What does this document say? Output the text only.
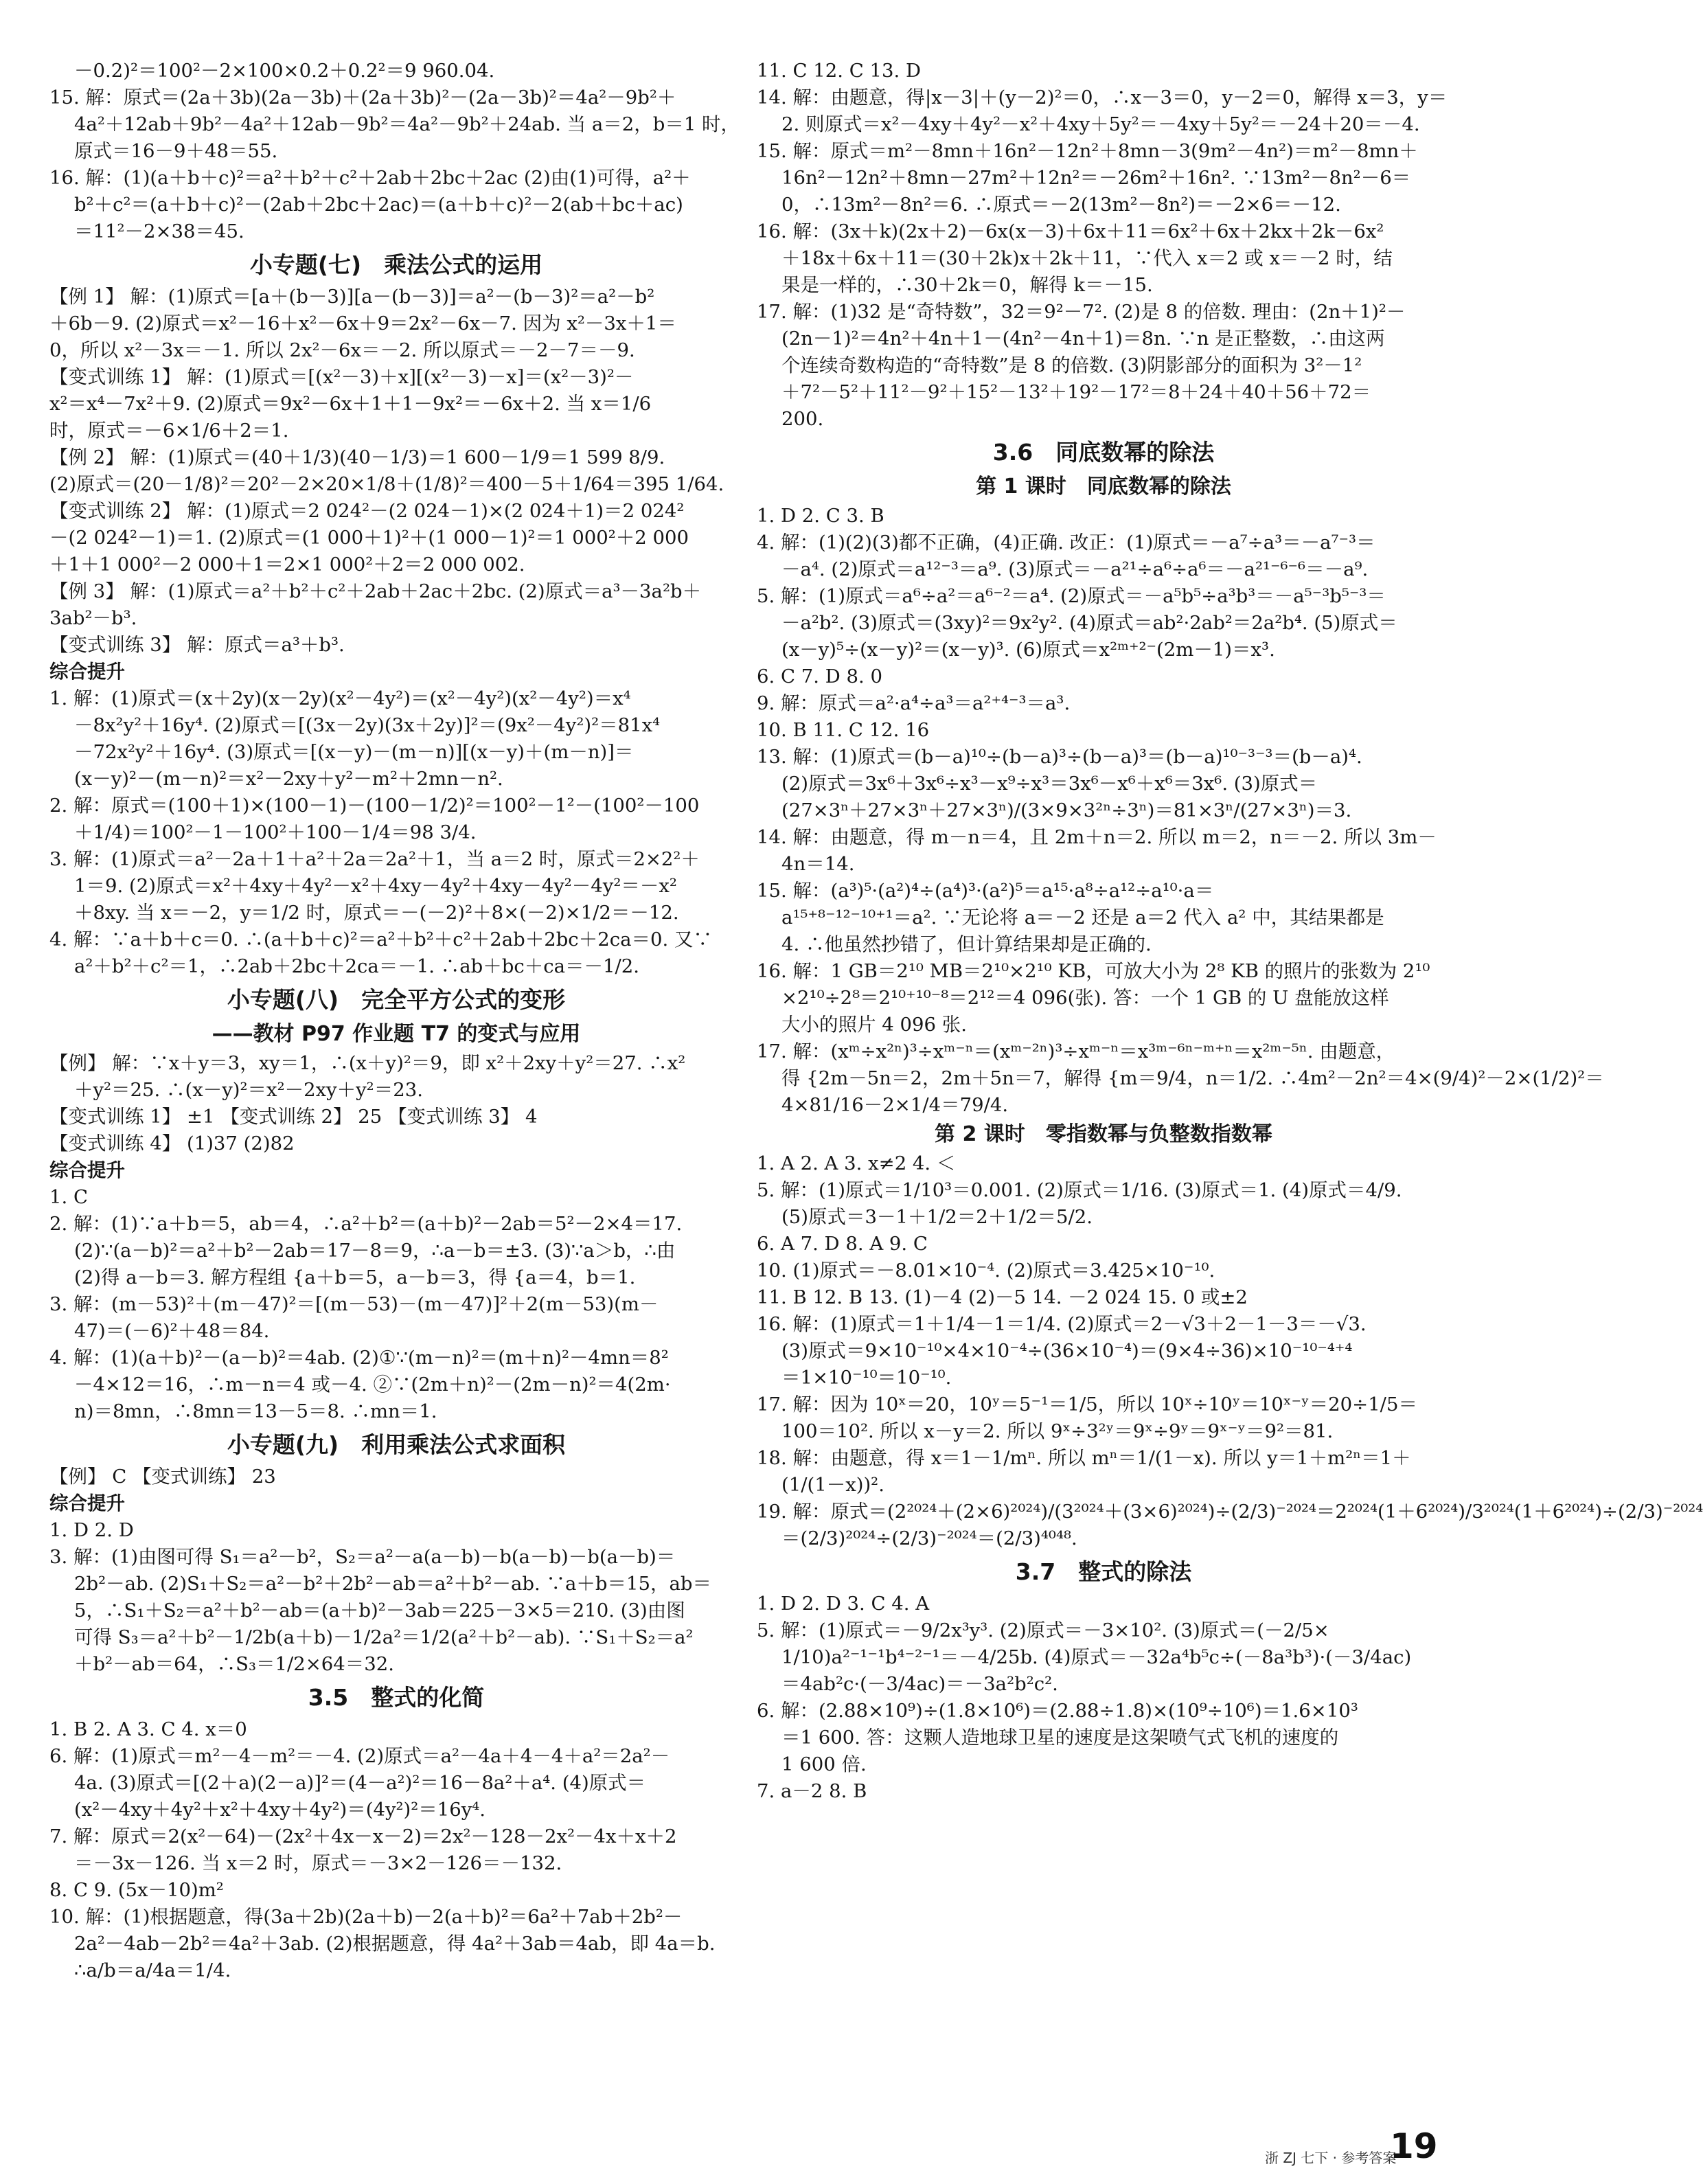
－0.2)²＝100²－2×100×0.2＋0.2²＝9 960.04.
15. 解：原式＝(2a＋3b)(2a－3b)＋(2a＋3b)²－(2a－3b)²＝4a²－9b²＋
4a²＋12ab＋9b²－4a²＋12ab－9b²＝4a²－9b²＋24ab. 当 a＝2，b＝1 时，
原式＝16－9＋48＝55.
16. 解：(1)(a＋b＋c)²＝a²＋b²＋c²＋2ab＋2bc＋2ac (2)由(1)可得，a²＋
b²＋c²＝(a＋b＋c)²－(2ab＋2bc＋2ac)＝(a＋b＋c)²－2(ab＋bc＋ac)
＝11²－2×38＝45.
小专题(七)　乘法公式的运用
【例 1】 解：(1)原式＝[a＋(b－3)][a－(b－3)]＝a²－(b－3)²＝a²－b²
＋6b－9. (2)原式＝x²－16＋x²－6x＋9＝2x²－6x－7. 因为 x²－3x＋1＝
0，所以 x²－3x＝－1. 所以 2x²－6x＝－2. 所以原式＝－2－7＝－9.
【变式训练 1】 解：(1)原式＝[(x²－3)＋x][(x²－3)－x]＝(x²－3)²－
x²＝x⁴－7x²＋9. (2)原式＝9x²－6x＋1＋1－9x²＝－6x＋2. 当 x＝1/6
时，原式＝－6×1/6＋2＝1.
【例 2】 解：(1)原式＝(40＋1/3)(40－1/3)＝1 600－1/9＝1 599 8/9.
(2)原式＝(20－1/8)²＝20²－2×20×1/8＋(1/8)²＝400－5＋1/64＝395 1/64.
【变式训练 2】 解：(1)原式＝2 024²－(2 024－1)×(2 024＋1)＝2 024²
－(2 024²－1)＝1. (2)原式＝(1 000＋1)²＋(1 000－1)²＝1 000²＋2 000
＋1＋1 000²－2 000＋1＝2×1 000²＋2＝2 000 002.
【例 3】 解：(1)原式＝a²＋b²＋c²＋2ab＋2ac＋2bc. (2)原式＝a³－3a²b＋
3ab²－b³.
【变式训练 3】 解：原式＝a³＋b³.
综合提升
1. 解：(1)原式＝(x＋2y)(x－2y)(x²－4y²)＝(x²－4y²)(x²－4y²)＝x⁴
－8x²y²＋16y⁴. (2)原式＝[(3x－2y)(3x＋2y)]²＝(9x²－4y²)²＝81x⁴
－72x²y²＋16y⁴. (3)原式＝[(x－y)－(m－n)][(x－y)＋(m－n)]＝
(x－y)²－(m－n)²＝x²－2xy＋y²－m²＋2mn－n².
2. 解：原式＝(100＋1)×(100－1)－(100－1/2)²＝100²－1²－(100²－100
＋1/4)＝100²－1－100²＋100－1/4＝98 3/4.
3. 解：(1)原式＝a²－2a＋1＋a²＋2a＝2a²＋1，当 a＝2 时，原式＝2×2²＋
1＝9. (2)原式＝x²＋4xy＋4y²－x²＋4xy－4y²＋4xy－4y²－4y²＝－x²
＋8xy. 当 x＝－2，y＝1/2 时，原式＝－(－2)²＋8×(－2)×1/2＝－12.
4. 解：∵a＋b＋c＝0. ∴(a＋b＋c)²＝a²＋b²＋c²＋2ab＋2bc＋2ca＝0. 又∵
a²＋b²＋c²＝1，∴2ab＋2bc＋2ca＝－1. ∴ab＋bc＋ca＝－1/2.
小专题(八)　完全平方公式的变形
——教材 P97 作业题 T7 的变式与应用
【例】 解：∵x＋y＝3，xy＝1，∴(x＋y)²＝9，即 x²＋2xy＋y²＝27. ∴x²
＋y²＝25. ∴(x－y)²＝x²－2xy＋y²＝23.
【变式训练 1】 ±1 【变式训练 2】 25 【变式训练 3】 4
【变式训练 4】 (1)37 (2)82
综合提升
1. C
2. 解：(1)∵a＋b＝5，ab＝4，∴a²＋b²＝(a＋b)²－2ab＝5²－2×4＝17.
(2)∵(a－b)²＝a²＋b²－2ab＝17－8＝9，∴a－b＝±3. (3)∵a＞b，∴由
(2)得 a－b＝3. 解方程组 {a＋b＝5，a－b＝3，得 {a＝4，b＝1.
3. 解：(m－53)²＋(m－47)²＝[(m－53)－(m－47)]²＋2(m－53)(m－
47)＝(－6)²＋48＝84.
4. 解：(1)(a＋b)²－(a－b)²＝4ab. (2)①∵(m－n)²＝(m＋n)²－4mn＝8²
－4×12＝16，∴m－n＝4 或－4. ②∵(2m＋n)²－(2m－n)²＝4(2m·
n)＝8mn，∴8mn＝13－5＝8. ∴mn＝1.
小专题(九)　利用乘法公式求面积
【例】 C 【变式训练】 23
综合提升
1. D 2. D
3. 解：(1)由图可得 S₁＝a²－b²，S₂＝a²－a(a－b)－b(a－b)－b(a－b)＝
2b²－ab. (2)S₁＋S₂＝a²－b²＋2b²－ab＝a²＋b²－ab. ∵a＋b＝15，ab＝
5，∴S₁＋S₂＝a²＋b²－ab＝(a＋b)²－3ab＝225－3×5＝210. (3)由图
可得 S₃＝a²＋b²－1/2b(a＋b)－1/2a²＝1/2(a²＋b²－ab). ∵S₁＋S₂＝a²
＋b²－ab＝64，∴S₃＝1/2×64＝32.
3.5　整式的化简
1. B 2. A 3. C 4. x＝0
6. 解：(1)原式＝m²－4－m²＝－4. (2)原式＝a²－4a＋4－4＋a²＝2a²－
4a. (3)原式＝[(2＋a)(2－a)]²＝(4－a²)²＝16－8a²＋a⁴. (4)原式＝
(x²－4xy＋4y²＋x²＋4xy＋4y²)＝(4y²)²＝16y⁴.
7. 解：原式＝2(x²－64)－(2x²＋4x－x－2)＝2x²－128－2x²－4x＋x＋2
＝－3x－126. 当 x＝2 时，原式＝－3×2－126＝－132.
8. C 9. (5x－10)m²
10. 解：(1)根据题意，得(3a＋2b)(2a＋b)－2(a＋b)²＝6a²＋7ab＋2b²－
2a²－4ab－2b²＝4a²＋3ab. (2)根据题意，得 4a²＋3ab＝4ab，即 4a＝b.
∴a/b＝a/4a＝1/4.
11. C 12. C 13. D
14. 解：由题意，得|x－3|＋(y－2)²＝0，∴x－3＝0，y－2＝0，解得 x＝3，y＝
2. 则原式＝x²－4xy＋4y²－x²＋4xy＋5y²＝－4xy＋5y²＝－24＋20＝－4.
15. 解：原式＝m²－8mn＋16n²－12n²＋8mn－3(9m²－4n²)＝m²－8mn＋
16n²－12n²＋8mn－27m²＋12n²＝－26m²＋16n². ∵13m²－8n²－6＝
0，∴13m²－8n²＝6. ∴原式＝－2(13m²－8n²)＝－2×6＝－12.
16. 解：(3x＋k)(2x＋2)－6x(x－3)＋6x＋11＝6x²＋6x＋2kx＋2k－6x²
＋18x＋6x＋11＝(30＋2k)x＋2k＋11，∵代入 x＝2 或 x＝－2 时，结
果是一样的，∴30＋2k＝0，解得 k＝－15.
17. 解：(1)32 是“奇特数”，32＝9²－7². (2)是 8 的倍数. 理由：(2n＋1)²－
(2n－1)²＝4n²＋4n＋1－(4n²－4n＋1)＝8n. ∵n 是正整数，∴由这两
个连续奇数构造的“奇特数”是 8 的倍数. (3)阴影部分的面积为 3²－1²
＋7²－5²＋11²－9²＋15²－13²＋19²－17²＝8＋24＋40＋56＋72＝
200.
3.6　同底数幂的除法
第 1 课时　同底数幂的除法
1. D 2. C 3. B
4. 解：(1)(2)(3)都不正确，(4)正确. 改正：(1)原式＝－a⁷÷a³＝－a⁷⁻³＝
－a⁴. (2)原式＝a¹²⁻³＝a⁹. (3)原式＝－a²¹÷a⁶÷a⁶＝－a²¹⁻⁶⁻⁶＝－a⁹.
5. 解：(1)原式＝a⁶÷a²＝a⁶⁻²＝a⁴. (2)原式＝－a⁵b⁵÷a³b³＝－a⁵⁻³b⁵⁻³＝
－a²b². (3)原式＝(3xy)²＝9x²y². (4)原式＝ab²·2ab²＝2a²b⁴. (5)原式＝
(x－y)⁵÷(x－y)²＝(x－y)³. (6)原式＝x²ᵐ⁺²⁻(2m－1)＝x³.
6. C 7. D 8. 0
9. 解：原式＝a²·a⁴÷a³＝a²⁺⁴⁻³＝a³.
10. B 11. C 12. 16
13. 解：(1)原式＝(b－a)¹⁰÷(b－a)³÷(b－a)³＝(b－a)¹⁰⁻³⁻³＝(b－a)⁴.
(2)原式＝3x⁶＋3x⁶÷x³－x⁹÷x³＝3x⁶－x⁶＋x⁶＝3x⁶. (3)原式＝
(27×3ⁿ＋27×3ⁿ＋27×3ⁿ)/(3×9×3²ⁿ÷3ⁿ)＝81×3ⁿ/(27×3ⁿ)＝3.
14. 解：由题意，得 m－n＝4，且 2m＋n＝2. 所以 m＝2，n＝－2. 所以 3m－
4n＝14.
15. 解：(a³)⁵·(a²)⁴÷(a⁴)³·(a²)⁵＝a¹⁵·a⁸÷a¹²÷a¹⁰·a＝
a¹⁵⁺⁸⁻¹²⁻¹⁰⁺¹＝a². ∵无论将 a＝－2 还是 a＝2 代入 a² 中，其结果都是
4. ∴他虽然抄错了，但计算结果却是正确的.
16. 解：1 GB＝2¹⁰ MB＝2¹⁰×2¹⁰ KB，可放大小为 2⁸ KB 的照片的张数为 2¹⁰
×2¹⁰÷2⁸＝2¹⁰⁺¹⁰⁻⁸＝2¹²＝4 096(张). 答：一个 1 GB 的 U 盘能放这样
大小的照片 4 096 张.
17. 解：(xᵐ÷x²ⁿ)³÷xᵐ⁻ⁿ＝(xᵐ⁻²ⁿ)³÷xᵐ⁻ⁿ＝x³ᵐ⁻⁶ⁿ⁻ᵐ⁺ⁿ＝x²ᵐ⁻⁵ⁿ. 由题意，
得 {2m－5n＝2，2m＋5n＝7，解得 {m＝9/4，n＝1/2. ∴4m²－2n²＝4×(9/4)²－2×(1/2)²＝
4×81/16－2×1/4＝79/4.
第 2 课时　零指数幂与负整数指数幂
1. A 2. A 3. x≠2 4. ＜
5. 解：(1)原式＝1/10³＝0.001. (2)原式＝1/16. (3)原式＝1. (4)原式＝4/9.
(5)原式＝3－1＋1/2＝2＋1/2＝5/2.
6. A 7. D 8. A 9. C
10. (1)原式＝－8.01×10⁻⁴. (2)原式＝3.425×10⁻¹⁰.
11. B 12. B 13. (1)－4 (2)－5 14. －2 024 15. 0 或±2
16. 解：(1)原式＝1＋1/4－1＝1/4. (2)原式＝2－√3＋2－1－3＝－√3.
(3)原式＝9×10⁻¹⁰×4×10⁻⁴÷(36×10⁻⁴)＝(9×4÷36)×10⁻¹⁰⁻⁴⁺⁴
＝1×10⁻¹⁰＝10⁻¹⁰.
17. 解：因为 10ˣ＝20，10ʸ＝5⁻¹＝1/5，所以 10ˣ÷10ʸ＝10ˣ⁻ʸ＝20÷1/5＝
100＝10². 所以 x－y＝2. 所以 9ˣ÷3²ʸ＝9ˣ÷9ʸ＝9ˣ⁻ʸ＝9²＝81.
18. 解：由题意，得 x＝1－1/mⁿ. 所以 mⁿ＝1/(1－x). 所以 y＝1＋m²ⁿ＝1＋
(1/(1－x))².
19. 解：原式＝(2²⁰²⁴＋(2×6)²⁰²⁴)/(3²⁰²⁴＋(3×6)²⁰²⁴)÷(2/3)⁻²⁰²⁴＝2²⁰²⁴(1＋6²⁰²⁴)/3²⁰²⁴(1＋6²⁰²⁴)÷(2/3)⁻²⁰²⁴
＝(2/3)²⁰²⁴÷(2/3)⁻²⁰²⁴＝(2/3)⁴⁰⁴⁸.
3.7　整式的除法
1. D 2. D 3. C 4. A
5. 解：(1)原式＝－9/2x³y³. (2)原式＝－3×10². (3)原式＝(－2/5×
1/10)a²⁻¹⁻¹b⁴⁻²⁻¹＝－4/25b. (4)原式＝－32a⁴b⁵c÷(－8a³b³)·(－3/4ac)
＝4ab²c·(－3/4ac)＝－3a²b²c².
6. 解：(2.88×10⁹)÷(1.8×10⁶)＝(2.88÷1.8)×(10⁹÷10⁶)＝1.6×10³
＝1 600. 答：这颗人造地球卫星的速度是这架喷气式飞机的速度的
1 600 倍.
7. a－2 8. B
浙 ZJ 七下 · 参考答案
19
